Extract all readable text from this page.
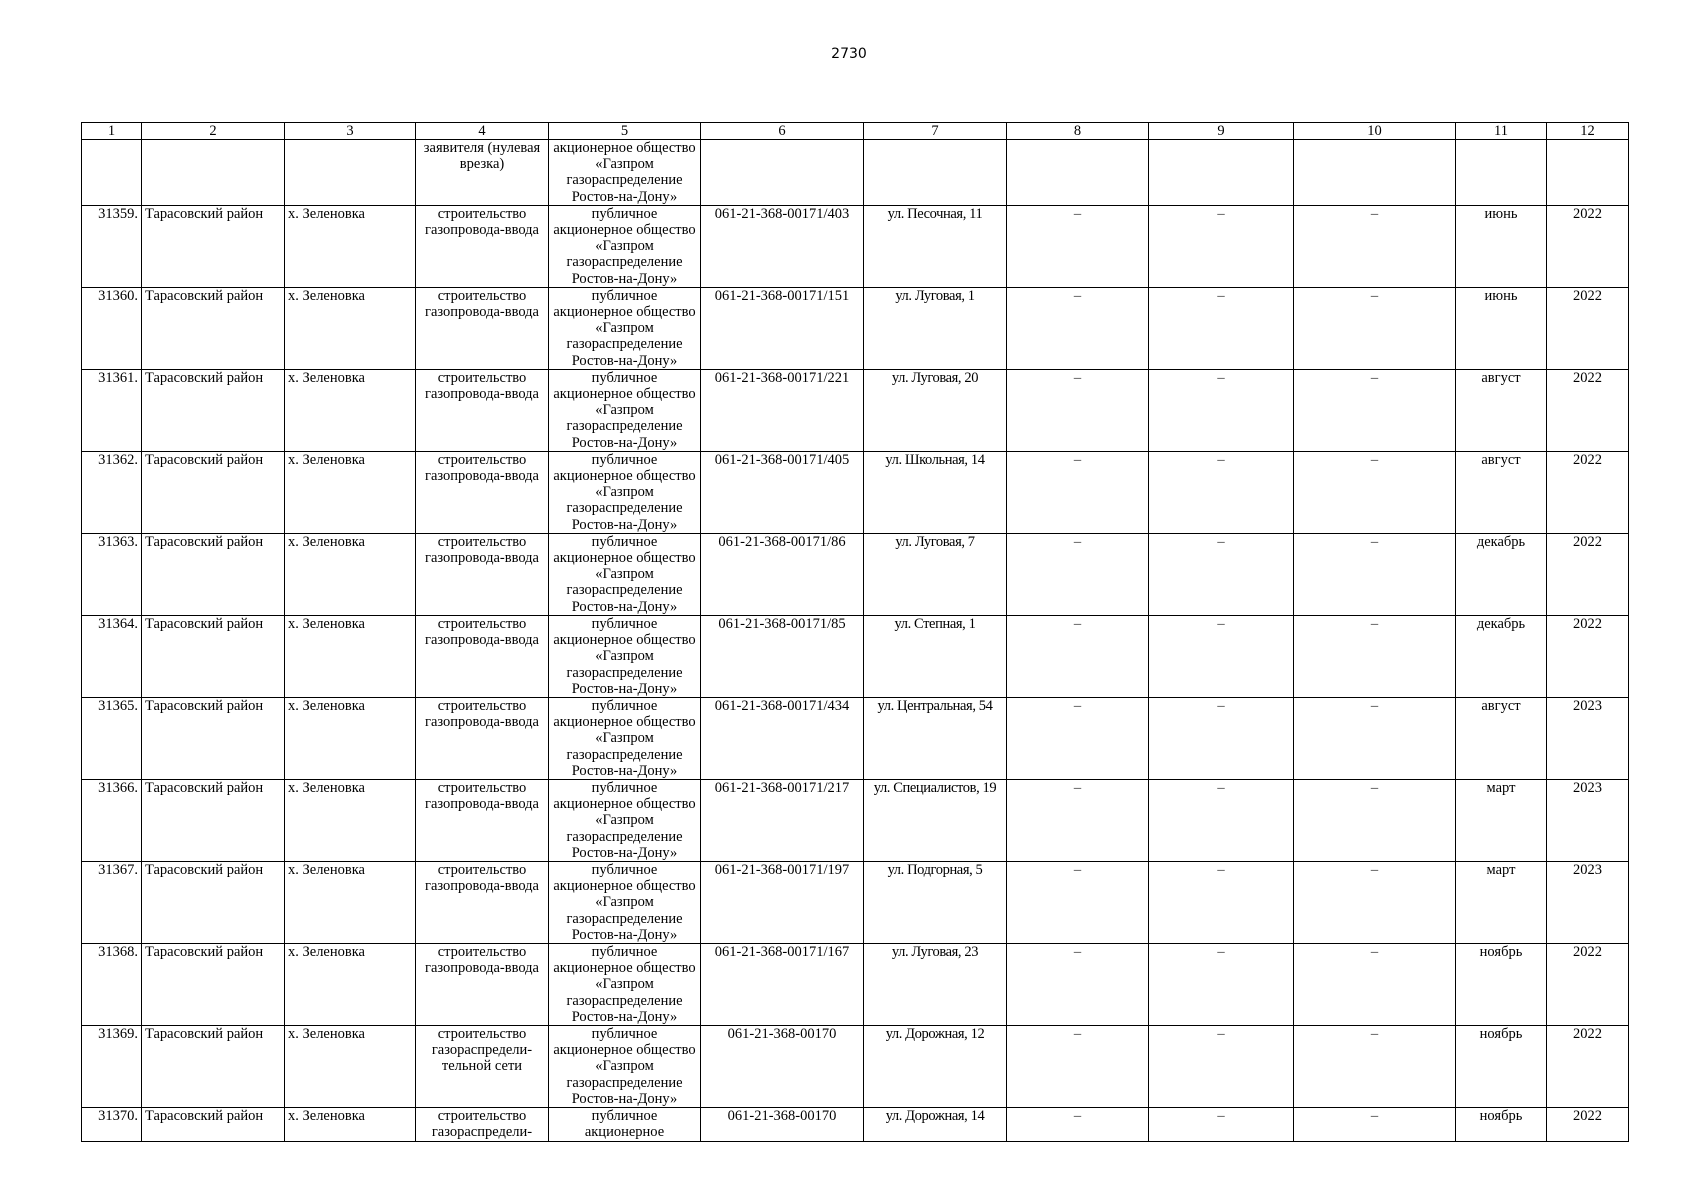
2730
1	2	3	4	5	6	7	8	9	10	11	12
			заявителя (нулевая врезка)	акционерное общество «Газпром газораспределение Ростов-на-Дону»							
31359.	Тарасовский район	х. Зеленовка	строительство газопровода-ввода	публичное акционерное общество «Газпром газораспределение Ростов-на-Дону»	061-21-368-00171/403	ул. Песочная, 11	–	–	–	июнь	2022
31360.	Тарасовский район	х. Зеленовка	строительство газопровода-ввода	публичное акционерное общество «Газпром газораспределение Ростов-на-Дону»	061-21-368-00171/151	ул. Луговая, 1	–	–	–	июнь	2022
31361.	Тарасовский район	х. Зеленовка	строительство газопровода-ввода	публичное акционерное общество «Газпром газораспределение Ростов-на-Дону»	061-21-368-00171/221	ул. Луговая, 20	–	–	–	август	2022
31362.	Тарасовский район	х. Зеленовка	строительство газопровода-ввода	публичное акционерное общество «Газпром газораспределение Ростов-на-Дону»	061-21-368-00171/405	ул. Школьная, 14	–	–	–	август	2022
31363.	Тарасовский район	х. Зеленовка	строительство газопровода-ввода	публичное акционерное общество «Газпром газораспределение Ростов-на-Дону»	061-21-368-00171/86	ул. Луговая, 7	–	–	–	декабрь	2022
31364.	Тарасовский район	х. Зеленовка	строительство газопровода-ввода	публичное акционерное общество «Газпром газораспределение Ростов-на-Дону»	061-21-368-00171/85	ул. Степная, 1	–	–	–	декабрь	2022
31365.	Тарасовский район	х. Зеленовка	строительство газопровода-ввода	публичное акционерное общество «Газпром газораспределение Ростов-на-Дону»	061-21-368-00171/434	ул. Центральная, 54	–	–	–	август	2023
31366.	Тарасовский район	х. Зеленовка	строительство газопровода-ввода	публичное акционерное общество «Газпром газораспределение Ростов-на-Дону»	061-21-368-00171/217	ул. Специалистов, 19	–	–	–	март	2023
31367.	Тарасовский район	х. Зеленовка	строительство газопровода-ввода	публичное акционерное общество «Газпром газораспределение Ростов-на-Дону»	061-21-368-00171/197	ул. Подгорная, 5	–	–	–	март	2023
31368.	Тарасовский район	х. Зеленовка	строительство газопровода-ввода	публичное акционерное общество «Газпром газораспределение Ростов-на-Дону»	061-21-368-00171/167	ул. Луговая, 23	–	–	–	ноябрь	2022
31369.	Тарасовский район	х. Зеленовка	строительство газораспредели-тельной сети	публичное акционерное общество «Газпром газораспределение Ростов-на-Дону»	061-21-368-00170	ул. Дорожная, 12	–	–	–	ноябрь	2022
31370.	Тарасовский район	х. Зеленовка	строительство газораспредели-	публичное акционерное	061-21-368-00170	ул. Дорожная, 14	–	–	–	ноябрь	2022
